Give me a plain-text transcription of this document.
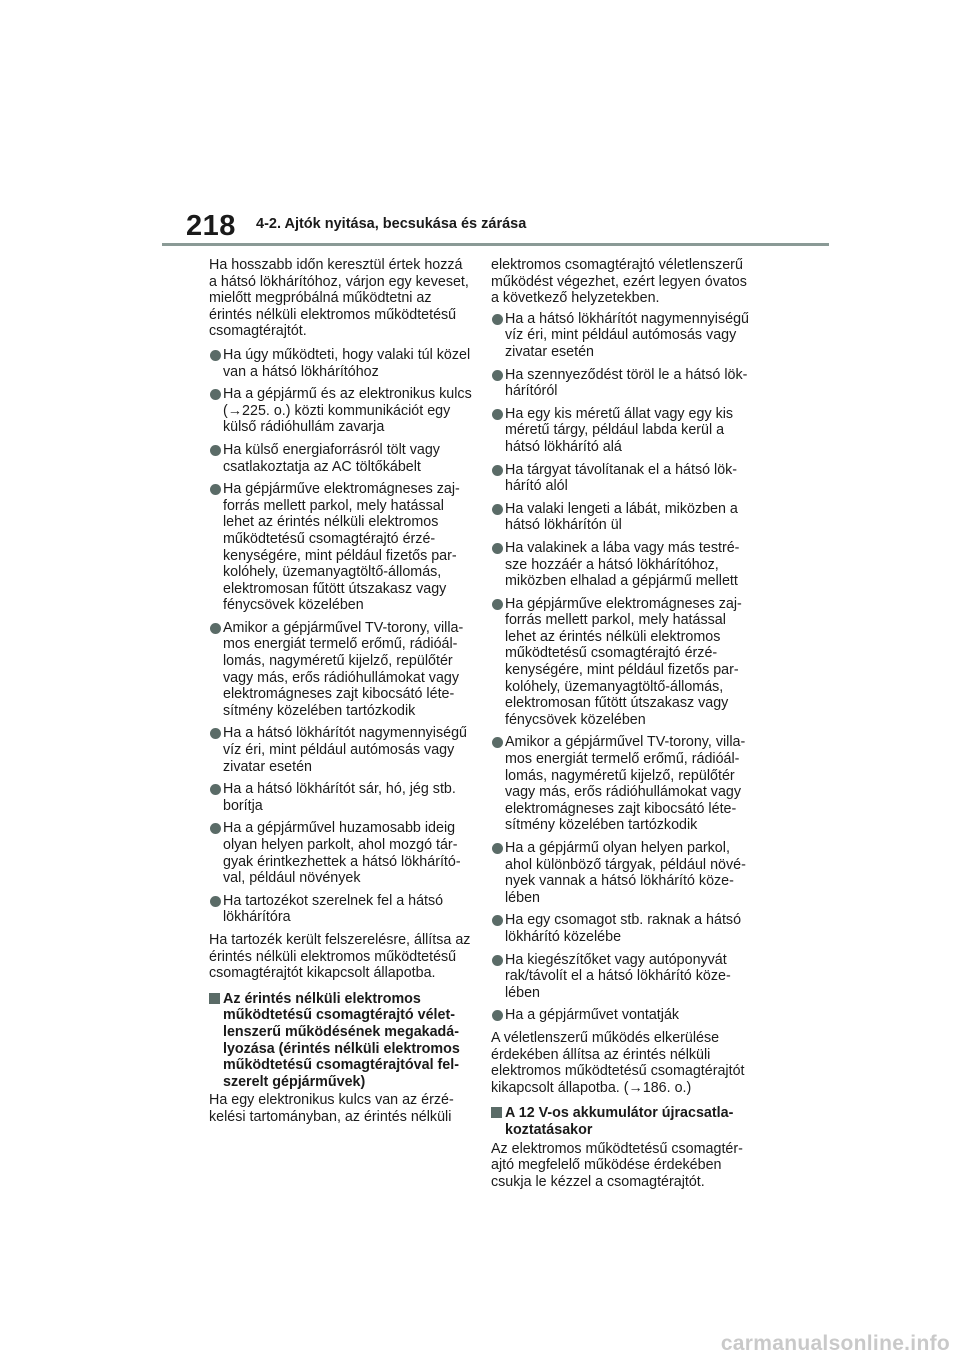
218 4-2. Ajtók nyitása, becsukása és zárása

Ha hosszabb időn keresztül értek hozzá a hátsó lökhárítóhoz, várjon egy keveset, mielőtt megpróbálná működtetni az érintés nélküli elektromos működtetésű csomagtérajtót.

Ha úgy működteti, hogy valaki túl közel van a hátsó lökhárítóhoz
Ha a gépjármű és az elektronikus kulcs (→225. o.) közti kommunikációt egy külső rádióhullám zavarja
Ha külső energiaforrásról tölt vagy csatlakoztatja az AC töltőkábelt
Ha gépjárműve elektromágneses zajforrás mellett parkol, mely hatással lehet az érintés nélküli elektromos működtetésű csomagtérajtó érzékenységére, mint például fizetős parkolóhely, üzemanyagtöltő-állomás, elektromosan fűtött útszakasz vagy fénycsövek közelében
Amikor a gépjárművel TV-torony, villamos energiát termelő erőmű, rádióállomás, nagyméretű kijelző, repülőtér vagy más, erős rádióhullámokat vagy elektromágneses zajt kibocsátó létesítmény közelében tartózkodik
Ha a hátsó lökhárítót nagymennyiségű víz éri, mint például autómosás vagy zivatar esetén
Ha a hátsó lökhárítót sár, hó, jég stb. borítja
Ha a gépjárművel huzamosabb ideig olyan helyen parkolt, ahol mozgó tárgyak érintkezhettek a hátsó lökhárítóval, például növények
Ha tartozékot szerelnek fel a hátsó lökhárítóra

Ha tartozék került felszerelésre, állítsa az érintés nélküli elektromos működtetésű csomagtérajtót kikapcsolt állapotba.

Az érintés nélküli elektromos működtetésű csomagtérajtó véletlenszerű működésének megakadályozása (érintés nélküli elektromos működtetésű csomagtérajtóval felszerelt gépjárművek)

Ha egy elektronikus kulcs van az érzékelési tartományban, az érintés nélküli

elektromos csomagtérajtó véletlenszerű működést végezhet, ezért legyen óvatos a következő helyzetekben.

Ha a hátsó lökhárítót nagymennyiségű víz éri, mint például autómosás vagy zivatar esetén
Ha szennyeződést töröl le a hátsó lökhárítóról
Ha egy kis méretű állat vagy egy kis méretű tárgy, például labda kerül a hátsó lökhárító alá
Ha tárgyat távolítanak el a hátsó lökhárító alól
Ha valaki lengeti a lábát, miközben a hátsó lökhárítón ül
Ha valakinek a lába vagy más testrésze hozzáér a hátsó lökhárítóhoz, miközben elhalad a gépjármű mellett
Ha gépjárműve elektromágneses zajforrás mellett parkol, mely hatással lehet az érintés nélküli elektromos működtetésű csomagtérajtó érzékenységére, mint például fizetős parkolóhely, üzemanyagtöltő-állomás, elektromosan fűtött útszakasz vagy fénycsövek közelében
Amikor a gépjárművel TV-torony, villamos energiát termelő erőmű, rádióállomás, nagyméretű kijelző, repülőtér vagy más, erős rádióhullámokat vagy elektromágneses zajt kibocsátó létesítmény közelében tartózkodik
Ha a gépjármű olyan helyen parkol, ahol különböző tárgyak, például növények vannak a hátsó lökhárító közelében
Ha egy csomagot stb. raknak a hátsó lökhárító közelébe
Ha kiegészítőket vagy autóponyvát rak/távolít el a hátsó lökhárító közelében
Ha a gépjárművet vontatják

A véletlenszerű működés elkerülése érdekében állítsa az érintés nélküli elektromos működtetésű csomagtérajtót kikapcsolt állapotba. (→186. o.)

A 12 V-os akkumulátor újracsatlakoztatásakor

Az elektromos működtetésű csomagtérajtó megfelelő működése érdekében csukja le kézzel a csomagtérajtót.

carmanualsonline.info
